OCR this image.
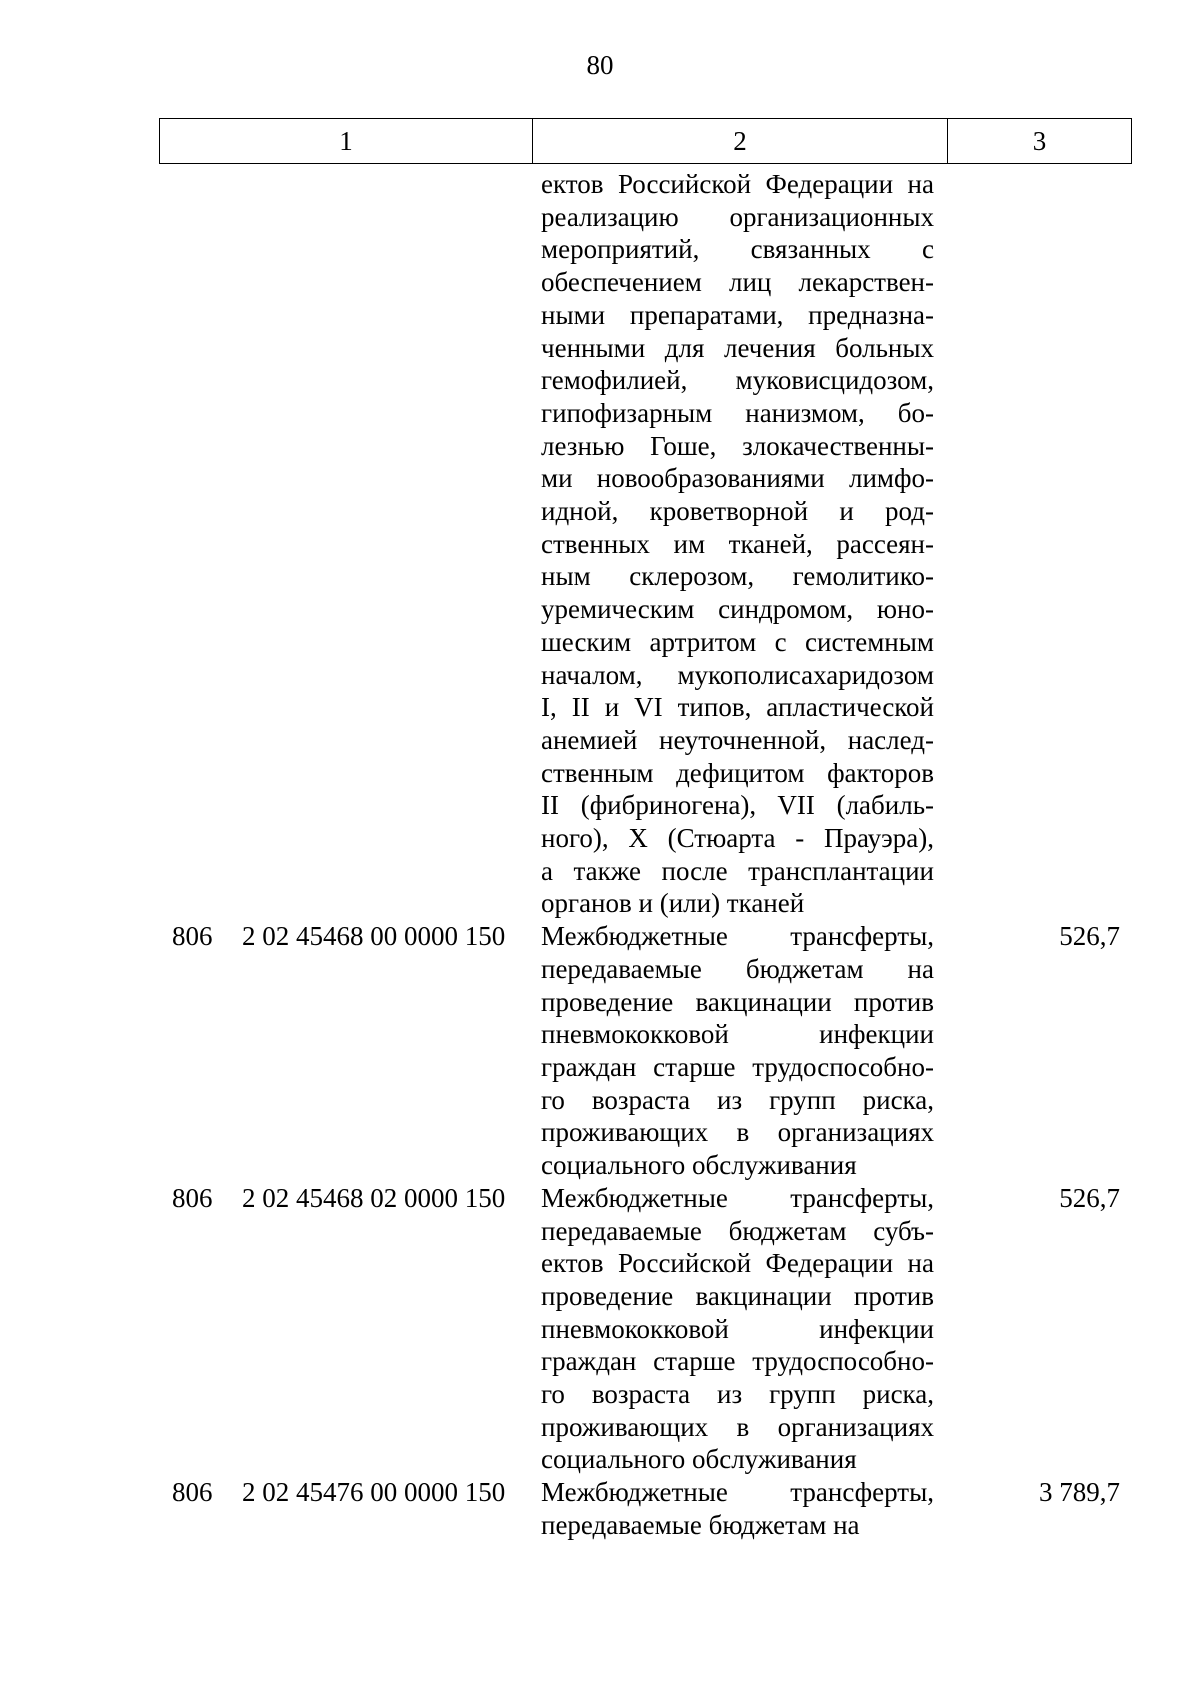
80
1	2	3
ектов Российской Федерации на
реализацию организационных
мероприятий, связанных с
обеспечением лиц лекарствен-
ными препаратами, предназна-
ченными для лечения больных
гемофилией, муковисцидозом,
гипофизарным нанизмом, бо-
лезнью Гоше, злокачественны-
ми новообразованиями лимфо-
идной, кроветворной и род-
ственных им тканей, рассеян-
ным склерозом, гемолитико-
уремическим синдромом, юно-
шеским артритом с системным
началом, мукополисахаридозом
I, II и VI типов, апластической
анемией неуточненной, наслед-
ственным дефицитом факторов
II (фибриногена), VII (лабиль-
ного), X (Стюарта - Прауэра),
а также после трансплантации
органов и (или) тканей
806 2 02 45468 00 0000 150 Межбюджетные трансферты,
передаваемые бюджетам на
проведение вакцинации против
пневмококковой инфекции
граждан старше трудоспособно-
го возраста из групп риска,
проживающих в организациях
социального обслуживания
526,7
806 2 02 45468 02 0000 150 Межбюджетные трансферты,
передаваемые бюджетам субъ-
ектов Российской Федерации на
проведение вакцинации против
пневмококковой инфекции
граждан старше трудоспособно-
го возраста из групп риска,
проживающих в организациях
социального обслуживания
526,7
806 2 02 45476 00 0000 150 Межбюджетные трансферты,
передаваемые бюджетам на
3 789,7
